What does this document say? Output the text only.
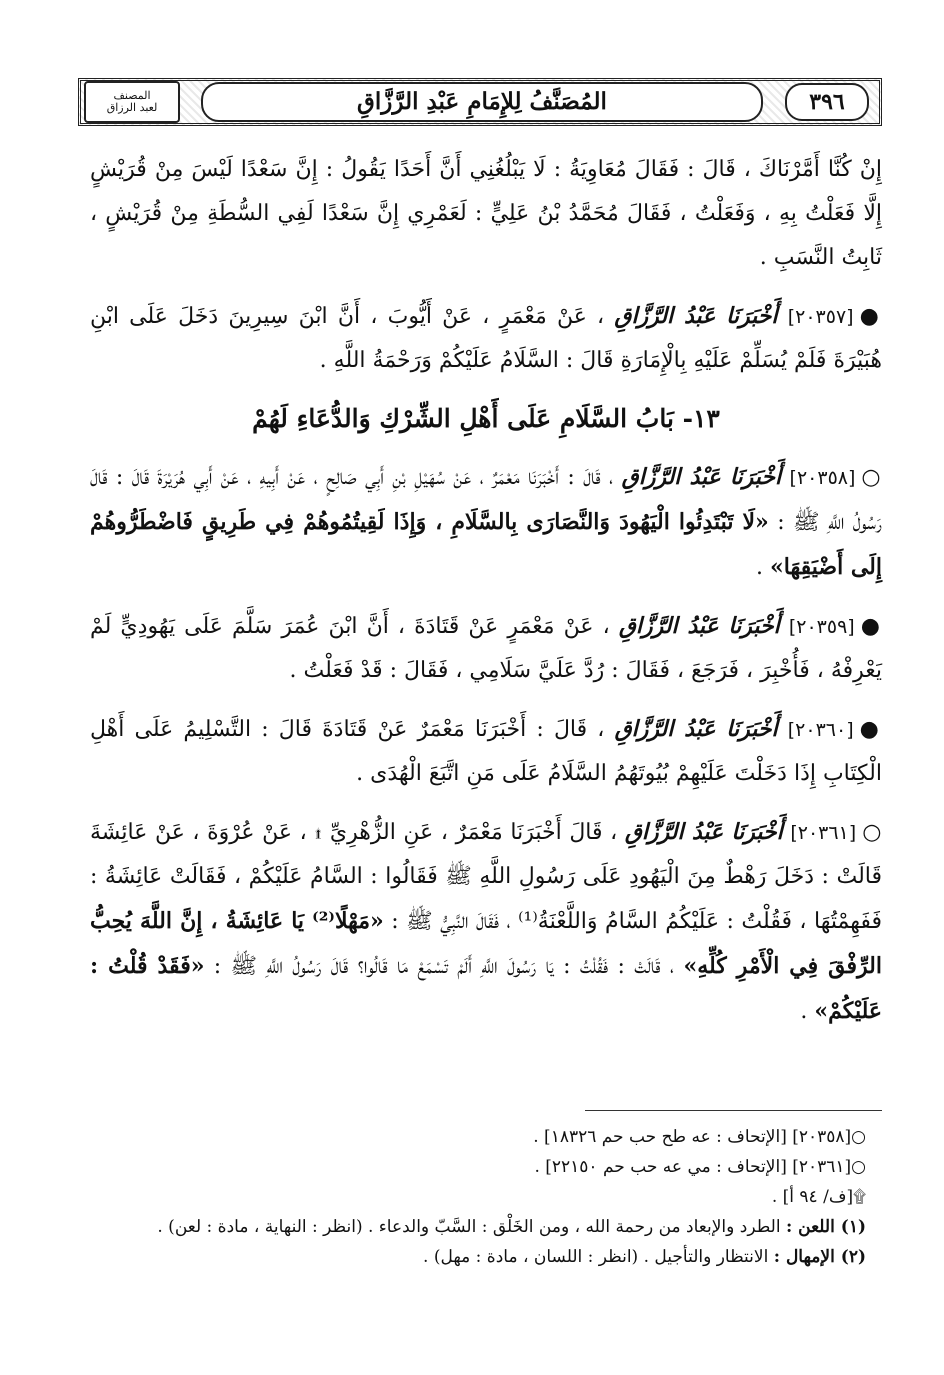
المصنف
لعبد الرزاق	المُصَنَّفُ لِلإِمَامِ عَبْدِ الرَّزَّاقِ	٣٩٦

إِنْ كُنَّا أَمَّرْنَاكَ ، قَالَ : فَقَالَ مُعَاوِيَةُ : لَا يَبْلُغُنِي أَنَّ أَحَدًا يَقُولُ : إِنَّ سَعْدًا لَيْسَ مِنْ قُرَيْشٍ إِلَّا فَعَلْتُ بِهِ ، وَفَعَلْتُ ، فَقَالَ مُحَمَّدُ بْنُ عَلِيٍّ : لَعَمْرِي إِنَّ سَعْدًا لَفِي السُّطَةِ مِنْ قُرَيْشٍ ، ثَابِتُ النَّسَبِ .

●[٢٠٣٥٧] أَخْبَرَنَا عَبْدُ الرَّزَّاقِ ، عَنْ مَعْمَرٍ ، عَنْ أَيُّوبَ ، أَنَّ ابْنَ سِيرِينَ دَخَلَ عَلَى ابْنِ هُبَيْرَةَ فَلَمْ يُسَلِّمْ عَلَيْهِ بِالْإِمَارَةِ قَالَ : السَّلَامُ عَلَيْكُمْ وَرَحْمَةُ اللَّهِ .

١٣- بَابُ السَّلَامِ عَلَى أَهْلِ الشِّرْكِ وَالدُّعَاءِ لَهُمْ

○[٢٠٣٥٨] أَخْبَرَنَا عَبْدُ الرَّزَّاقِ ، قَالَ : أَخْبَرَنَا مَعْمَرٌ ، عَنْ سُهَيْلِ بْنِ أَبِي صَالِحٍ ، عَنْ أَبِيهِ ، عَنْ أَبِي هُرَيْرَةَ قَالَ : قَالَ رَسُولُ اللَّهِ ﷺ : «لَا تَبْتَدِئُوا الْيَهُودَ وَالنَّصَارَى بِالسَّلَامِ ، وَإِذَا لَقِيتُمُوهُمْ فِي طَرِيقٍ فَاضْطَرُّوهُمْ إِلَى أَضْيَقِهَا» .

●[٢٠٣٥٩] أَخْبَرَنَا عَبْدُ الرَّزَّاقِ ، عَنْ مَعْمَرٍ عَنْ قَتَادَةَ ، أَنَّ ابْنَ عُمَرَ سَلَّمَ عَلَى يَهُودِيٍّ لَمْ يَعْرِفْهُ ، فَأُخْبِرَ ، فَرَجَعَ ، فَقَالَ : رُدَّ عَلَيَّ سَلَامِي ، فَقَالَ : قَدْ فَعَلْتُ .

●[٢٠٣٦٠] أَخْبَرَنَا عَبْدُ الرَّزَّاقِ ، قَالَ : أَخْبَرَنَا مَعْمَرٌ عَنْ قَتَادَةَ قَالَ : التَّسْلِيمُ عَلَى أَهْلِ الْكِتَابِ إِذَا دَخَلْتَ عَلَيْهِمْ بُيُوتَهُمُ السَّلَامُ عَلَى مَنِ اتَّبَعَ الْهُدَى .

○[٢٠٣٦١] أَخْبَرَنَا عَبْدُ الرَّزَّاقِ ، قَالَ أَخْبَرَنَا مَعْمَرٌ ، عَنِ الزُّهْرِيِّ ۩ ، عَنْ عُرْوَةَ ، عَنْ عَائِشَةَ قَالَتْ : دَخَلَ رَهْطٌ مِنَ الْيَهُودِ عَلَى رَسُولِ اللَّهِ ﷺ فَقَالُوا : السَّامُ عَلَيْكُمْ ، فَقَالَتْ عَائِشَةُ : فَفَهِمْتُهَا ، فَقُلْتُ : عَلَيْكُمُ السَّامُ وَاللَّعْنَةُ⁽¹⁾ ، فَقَالَ النَّبِيُّ ﷺ : «مَهْلًا⁽²⁾ يَا عَائِشَةُ ، إِنَّ اللَّهَ يُحِبُّ الرِّفْقَ فِي الْأَمْرِ كُلِّهِ» ، قَالَتْ : فَقُلْتُ : يَا رَسُولَ اللَّهِ أَلَمْ تَسْمَعْ مَا قَالُوا؟ قَالَ رَسُولُ اللَّهِ ﷺ : «فَقَدْ قُلْتُ : عَلَيْكُمْ» .

○[٢٠٣٥٨] [الإتحاف : عه طح حب حم ١٨٣٢٦] .
○[٢٠٣٦١] [الإتحاف : مي عه حب حم ٢٢١٥٠] .
۩[ف/ ٩٤ أ] .
(١) اللعن : الطرد والإبعاد من رحمة الله ، ومن الخَلْق : السَّبّ والدعاء . (انظر : النهاية ، مادة : لعن) .
(٢) الإمهال : الانتظار والتأجيل . (انظر : اللسان ، مادة : مهل) .
